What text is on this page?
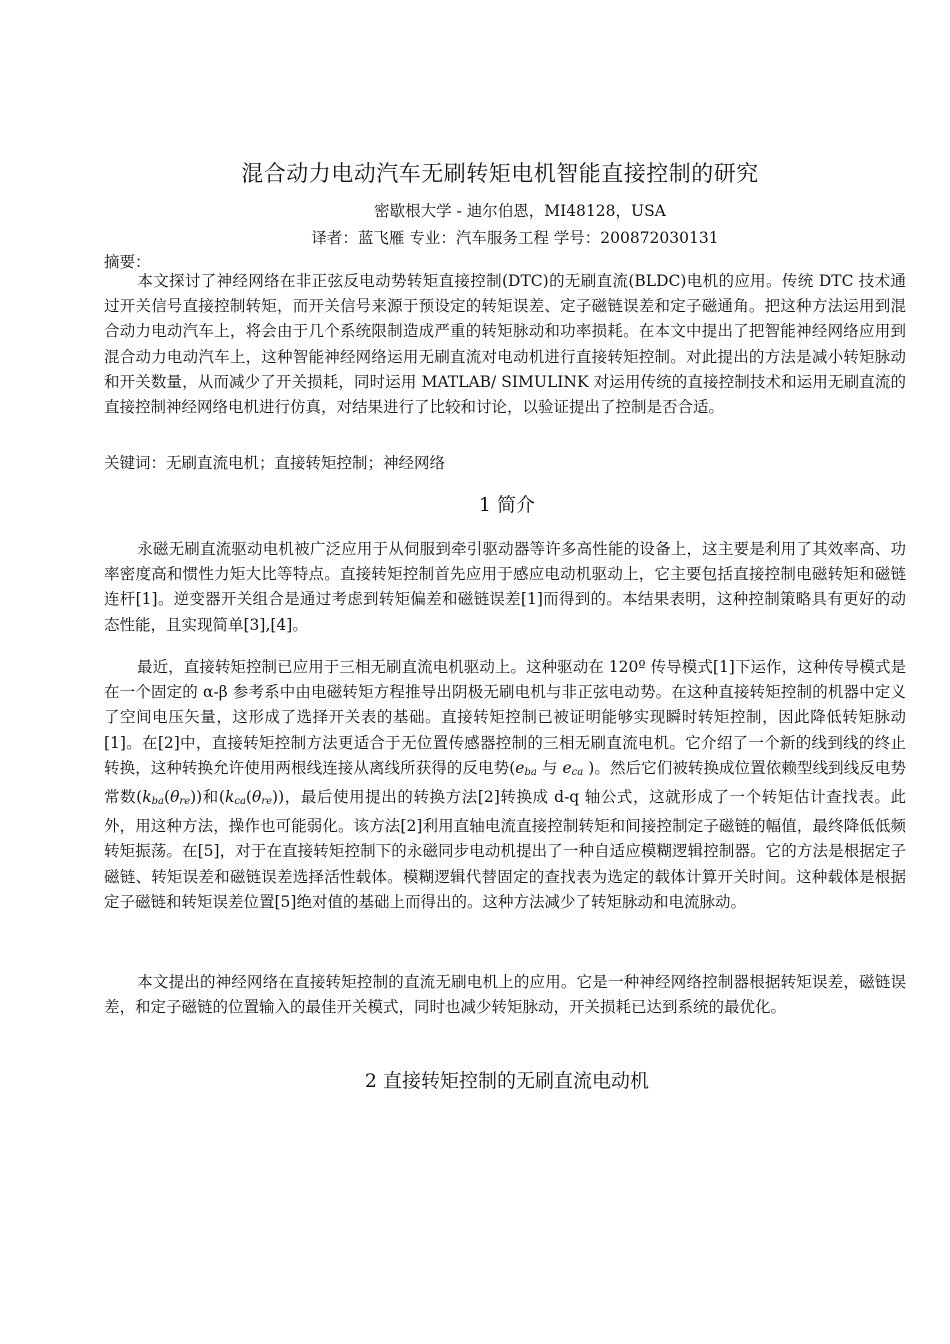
混合动力电动汽车无刷转矩电机智能直接控制的研究
密歇根大学 - 迪尔伯恩，MI48128，USA
译者：蓝飞雁 专业：汽车服务工程 学号：200872030131
摘要：

本文探讨了神经网络在非正弦反电动势转矩直接控制(DTC)的无刷直流(BLDC)电机的应用。传统 DTC 技术通过开关信号直接控制转矩，而开关信号来源于预设定的转矩误差、定子磁链误差和定子磁通角。把这种方法运用到混合动力电动汽车上，将会由于几个系统限制造成严重的转矩脉动和功率损耗。在本文中提出了把智能神经网络应用到混合动力电动汽车上，这种智能神经网络运用无刷直流对电动机进行直接转矩控制。对此提出的方法是减小转矩脉动和开关数量，从而减少了开关损耗，同时运用 MATLAB/ SIMULINK 对运用传统的直接控制技术和运用无刷直流的直接控制神经网络电机进行仿真，对结果进行了比较和讨论，以验证提出了控制是否合适。

关键词：无刷直流电机；直接转矩控制；神经网络
1 简介

永磁无刷直流驱动电机被广泛应用于从伺服到牵引驱动器等许多高性能的设备上，这主要是利用了其效率高、功率密度高和惯性力矩大比等特点。直接转矩控制首先应用于感应电动机驱动上，它主要包括直接控制电磁转矩和磁链连杆[1]。逆变器开关组合是通过考虑到转矩偏差和磁链误差[1]而得到的。本结果表明，这种控制策略具有更好的动态性能，且实现简单[3],[4]。

最近，直接转矩控制已应用于三相无刷直流电机驱动上。这种驱动在 120º 传导模式[1]下运作，这种传导模式是在一个固定的 α-β 参考系中由电磁转矩方程推导出阴极无刷电机与非正弦电动势。在这种直接转矩控制的机器中定义了空间电压矢量，这形成了选择开关表的基础。直接转矩控制已被证明能够实现瞬时转矩控制，因此降低转矩脉动[1]。在[2]中，直接转矩控制方法更适合于无位置传感器控制的三相无刷直流电机。它介绍了一个新的线到线的终止转换，这种转换允许使用两根线连接从离线所获得的反电势($e_{ba}$ 与 $e_{ca}$ )。然后它们被转换成位置依赖型线到线反电势常数$(k_{ba}(\theta_{re}))$和$(k_{ca}(\theta_{re}))$，最后使用提出的转换方法[2]转换成 d-q 轴公式，这就形成了一个转矩估计查找表。此外，用这种方法，操作也可能弱化。该方法[2]利用直轴电流直接控制转矩和间接控制定子磁链的幅值，最终降低低频转矩振荡。在[5]，对于在直接转矩控制下的永磁同步电动机提出了一种自适应模糊逻辑控制器。它的方法是根据定子磁链、转矩误差和磁链误差选择活性载体。模糊逻辑代替固定的查找表为选定的载体计算开关时间。这种载体是根据定子磁链和转矩误差位置[5]绝对值的基础上而得出的。这种方法减少了转矩脉动和电流脉动。

本文提出的神经网络在直接转矩控制的直流无刷电机上的应用。它是一种神经网络控制器根据转矩误差，磁链误差，和定子磁链的位置输入的最佳开关模式，同时也减少转矩脉动，开关损耗已达到系统的最优化。

2 直接转矩控制的无刷直流电动机
